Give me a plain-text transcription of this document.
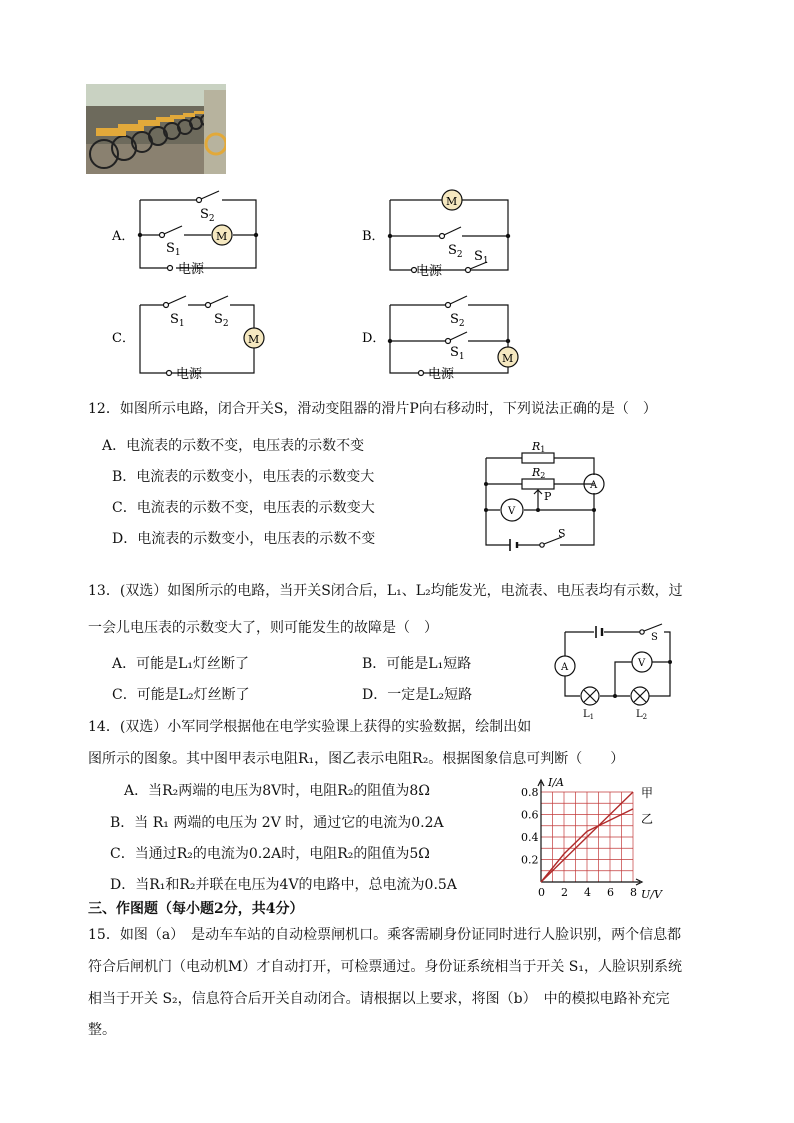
A．
$S_2$
$S_1$
M
电源
B．
M
$S_2$ $S_1$
电源
C．
$S_1$ $S_2$
M
电源
D．
$S_2$
$S_1$	M
电源
12．如图所示电路，闭合开关S，滑动变阻器的滑片P向右移动时，下列说法正确的是（　）
A．电流表的示数不变，电压表的示数不变
B．电流表的示数变小，电压表的示数变大
C．电流表的示数不变，电压表的示数变大
D．电流表的示数变小，电压表的示数不变
R1
R2
P
A
V
S
13．(双选）如图所示的电路，当开关S闭合后，L₁、L₂均能发光，电流表、电压表均有示数，过
一会儿电压表的示数变大了，则可能发生的故障是（　）
A．可能是L₁灯丝断了	B．可能是L₁短路
C．可能是L₂灯丝断了	D．一定是L₂短路
S
A	V
$L_1$	$L_2$
14．(双选）小军同学根据他在电学实验课上获得的实验数据，绘制出如
图所示的图象。其中图甲表示电阻R₁，图乙表示电阻R₂。根据图象信息可判断（　　）
A．当R₂两端的电压为8V时，电阻R₂的阻值为8Ω
B．当 R₁ 两端的电压为 2V 时，通过它的电流为0.2A
C．当通过R₂的电流为0.2A时，电阻R₂的阻值为5Ω
D．当R₁和R₂并联在电压为4V的电路中，总电流为0.5A	0 2 4 6 8
0.2
0.4
0.6
0.8
I/A
U/V
甲
乙
三、作图题（每小题2分，共4分）
15．如图（a）　是动车车站的自动检票闸机口。乘客需刷身份证同时进行人脸识别，两个信息都
符合后闸机门（电动机M）才自动打开，可检票通过。身份证系统相当于开关 S₁，人脸识别系统
相当于开关 S₂，信息符合后开关自动闭合。请根据以上要求，将图（b）　中的模拟电路补充完
整。
